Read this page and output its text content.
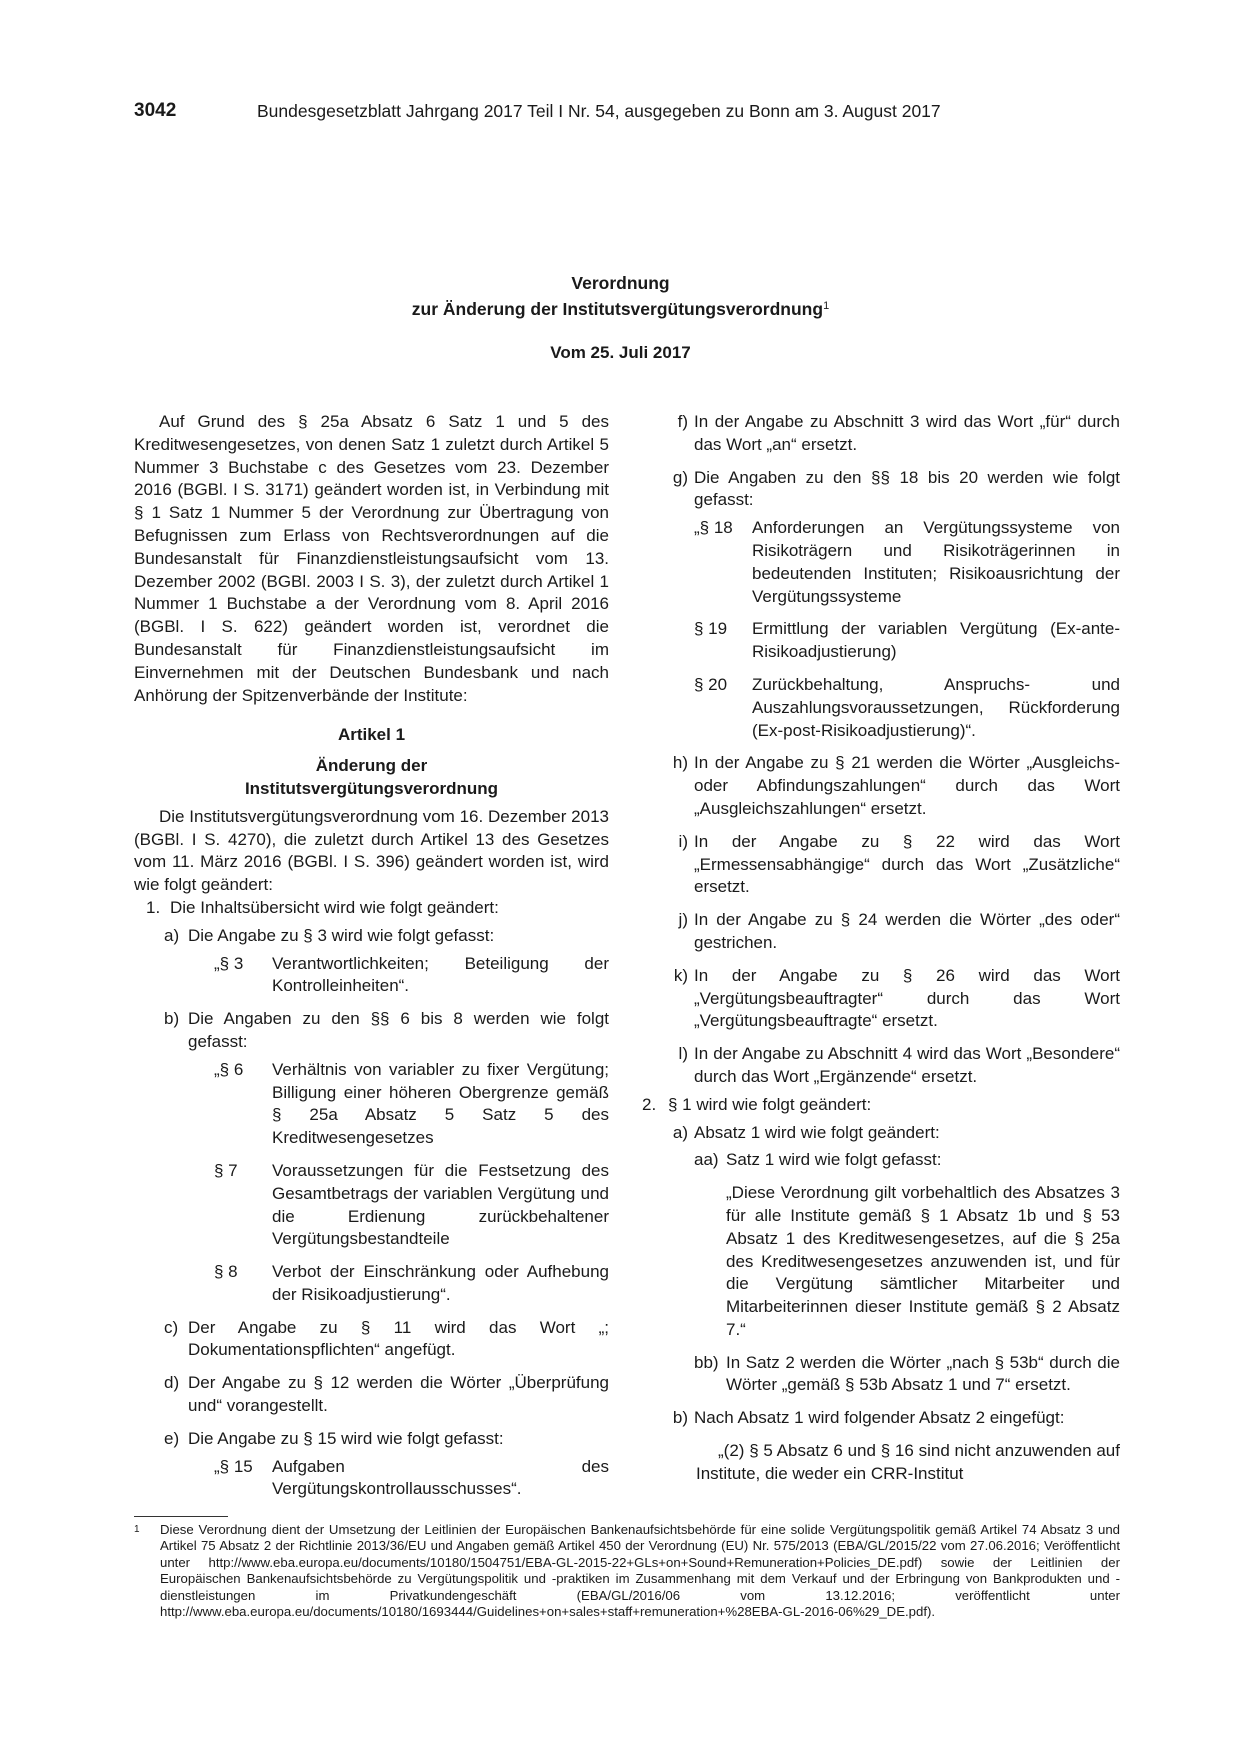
3042	Bundesgesetzblatt Jahrgang 2017 Teil I Nr. 54, ausgegeben zu Bonn am 3. August 2017
Verordnung
zur Änderung der Institutsvergütungsverordnung$^1$
Vom 25. Juli 2017

Auf Grund des § 25a Absatz 6 Satz 1 und 5 des Kreditwesengesetzes, von denen Satz 1 zuletzt durch Artikel 5 Nummer 3 Buchstabe c des Gesetzes vom 23. Dezember 2016 (BGBl. I S. 3171) geändert worden ist, in Verbindung mit § 1 Satz 1 Nummer 5 der Verordnung zur Übertragung von Befugnissen zum Erlass von Rechtsverordnungen auf die Bundesanstalt für Finanzdienstleistungsaufsicht vom 13. Dezember 2002 (BGBl. 2003 I S. 3), der zuletzt durch Artikel 1 Nummer 1 Buchstabe a der Verordnung vom 8. April 2016 (BGBl. I S. 622) geändert worden ist, verordnet die Bundesanstalt für Finanzdienstleistungsaufsicht im Einvernehmen mit der Deutschen Bundesbank und nach Anhörung der Spitzenverbände der Institute:

Artikel 1
Änderung der
Institutsvergütungsverordnung

Die Institutsvergütungsverordnung vom 16. Dezember 2013 (BGBl. I S. 4270), die zuletzt durch Artikel 13 des Gesetzes vom 11. März 2016 (BGBl. I S. 396) geändert worden ist, wird wie folgt geändert:

1. Die Inhaltsübersicht wird wie folgt geändert:
a) Die Angabe zu § 3 wird wie folgt gefasst:
„§ 3	Verantwortlichkeiten; Beteiligung der Kontrolleinheiten“.
b) Die Angaben zu den §§ 6 bis 8 werden wie folgt gefasst:
„§ 6	Verhältnis von variabler zu fixer Vergütung; Billigung einer höheren Obergrenze gemäß § 25a Absatz 5 Satz 5 des Kreditwesengesetzes
§ 7	Voraussetzungen für die Festsetzung des Gesamtbetrags der variablen Vergütung und die Erdienung zurückbehaltener Vergütungsbestandteile
§ 8	Verbot der Einschränkung oder Aufhebung der Risikoadjustierung“.
c) Der Angabe zu § 11 wird das Wort „; Dokumentationspflichten“ angefügt.
d) Der Angabe zu § 12 werden die Wörter „Überprüfung und“ vorangestellt.
e) Die Angabe zu § 15 wird wie folgt gefasst:
„§ 15	Aufgaben des Vergütungskontrollausschusses“.
f) In der Angabe zu Abschnitt 3 wird das Wort „für“ durch das Wort „an“ ersetzt.
g) Die Angaben zu den §§ 18 bis 20 werden wie folgt gefasst:
„§ 18	Anforderungen an Vergütungssysteme von Risikoträgern und Risikoträgerinnen in bedeutenden Instituten; Risikoausrichtung der Vergütungssysteme
§ 19	Ermittlung der variablen Vergütung (Ex-ante-Risikoadjustierung)
§ 20	Zurückbehaltung, Anspruchs- und Auszahlungsvoraussetzungen, Rückforderung (Ex-post-Risikoadjustierung)“.
h) In der Angabe zu § 21 werden die Wörter „Ausgleichs- oder Abfindungszahlungen“ durch das Wort „Ausgleichszahlungen“ ersetzt.
i) In der Angabe zu § 22 wird das Wort „Ermessensabhängige“ durch das Wort „Zusätzliche“ ersetzt.
j) In der Angabe zu § 24 werden die Wörter „des oder“ gestrichen.
k) In der Angabe zu § 26 wird das Wort „Vergütungsbeauftragter“ durch das Wort „Vergütungsbeauftragte“ ersetzt.
l) In der Angabe zu Abschnitt 4 wird das Wort „Besondere“ durch das Wort „Ergänzende“ ersetzt.
2. § 1 wird wie folgt geändert:
a) Absatz 1 wird wie folgt geändert:
aa) Satz 1 wird wie folgt gefasst:

„Diese Verordnung gilt vorbehaltlich des Absatzes 3 für alle Institute gemäß § 1 Absatz 1b und § 53 Absatz 1 des Kreditwesengesetzes, auf die § 25a des Kreditwesengesetzes anzuwenden ist, und für die Vergütung sämtlicher Mitarbeiter und Mitarbeiterinnen dieser Institute gemäß § 2 Absatz 7.“

bb) In Satz 2 werden die Wörter „nach § 53b“ durch die Wörter „gemäß § 53b Absatz 1 und 7“ ersetzt.
b) Nach Absatz 1 wird folgender Absatz 2 eingefügt:

„(2) § 5 Absatz 6 und § 16 sind nicht anzuwenden auf Institute, die weder ein CRR-Institut

1	Diese Verordnung dient der Umsetzung der Leitlinien der Europäischen Bankenaufsichtsbehörde für eine solide Vergütungspolitik gemäß Artikel 74 Absatz 3 und Artikel 75 Absatz 2 der Richtlinie 2013/36/EU und Angaben gemäß Artikel 450 der Verordnung (EU) Nr. 575/2013 (EBA/GL/2015/22 vom 27.06.2016; Veröffentlicht unter http://www.eba.europa.eu/documents/10180/1504751/EBA-GL-2015-22+GLs+on+Sound+Remuneration+Policies_DE.pdf) sowie der Leitlinien der Europäischen Bankenaufsichtsbehörde zu Vergütungspolitik und -praktiken im Zusammenhang mit dem Verkauf und der Erbringung von Bankprodukten und -dienstleistungen im Privatkundengeschäft (EBA/GL/2016/06 vom 13.12.2016; veröffentlicht unter http://www.eba.europa.eu/documents/10180/1693444/Guidelines+on+sales+staff+remuneration+%28EBA-GL-2016-06%29_DE.pdf).
